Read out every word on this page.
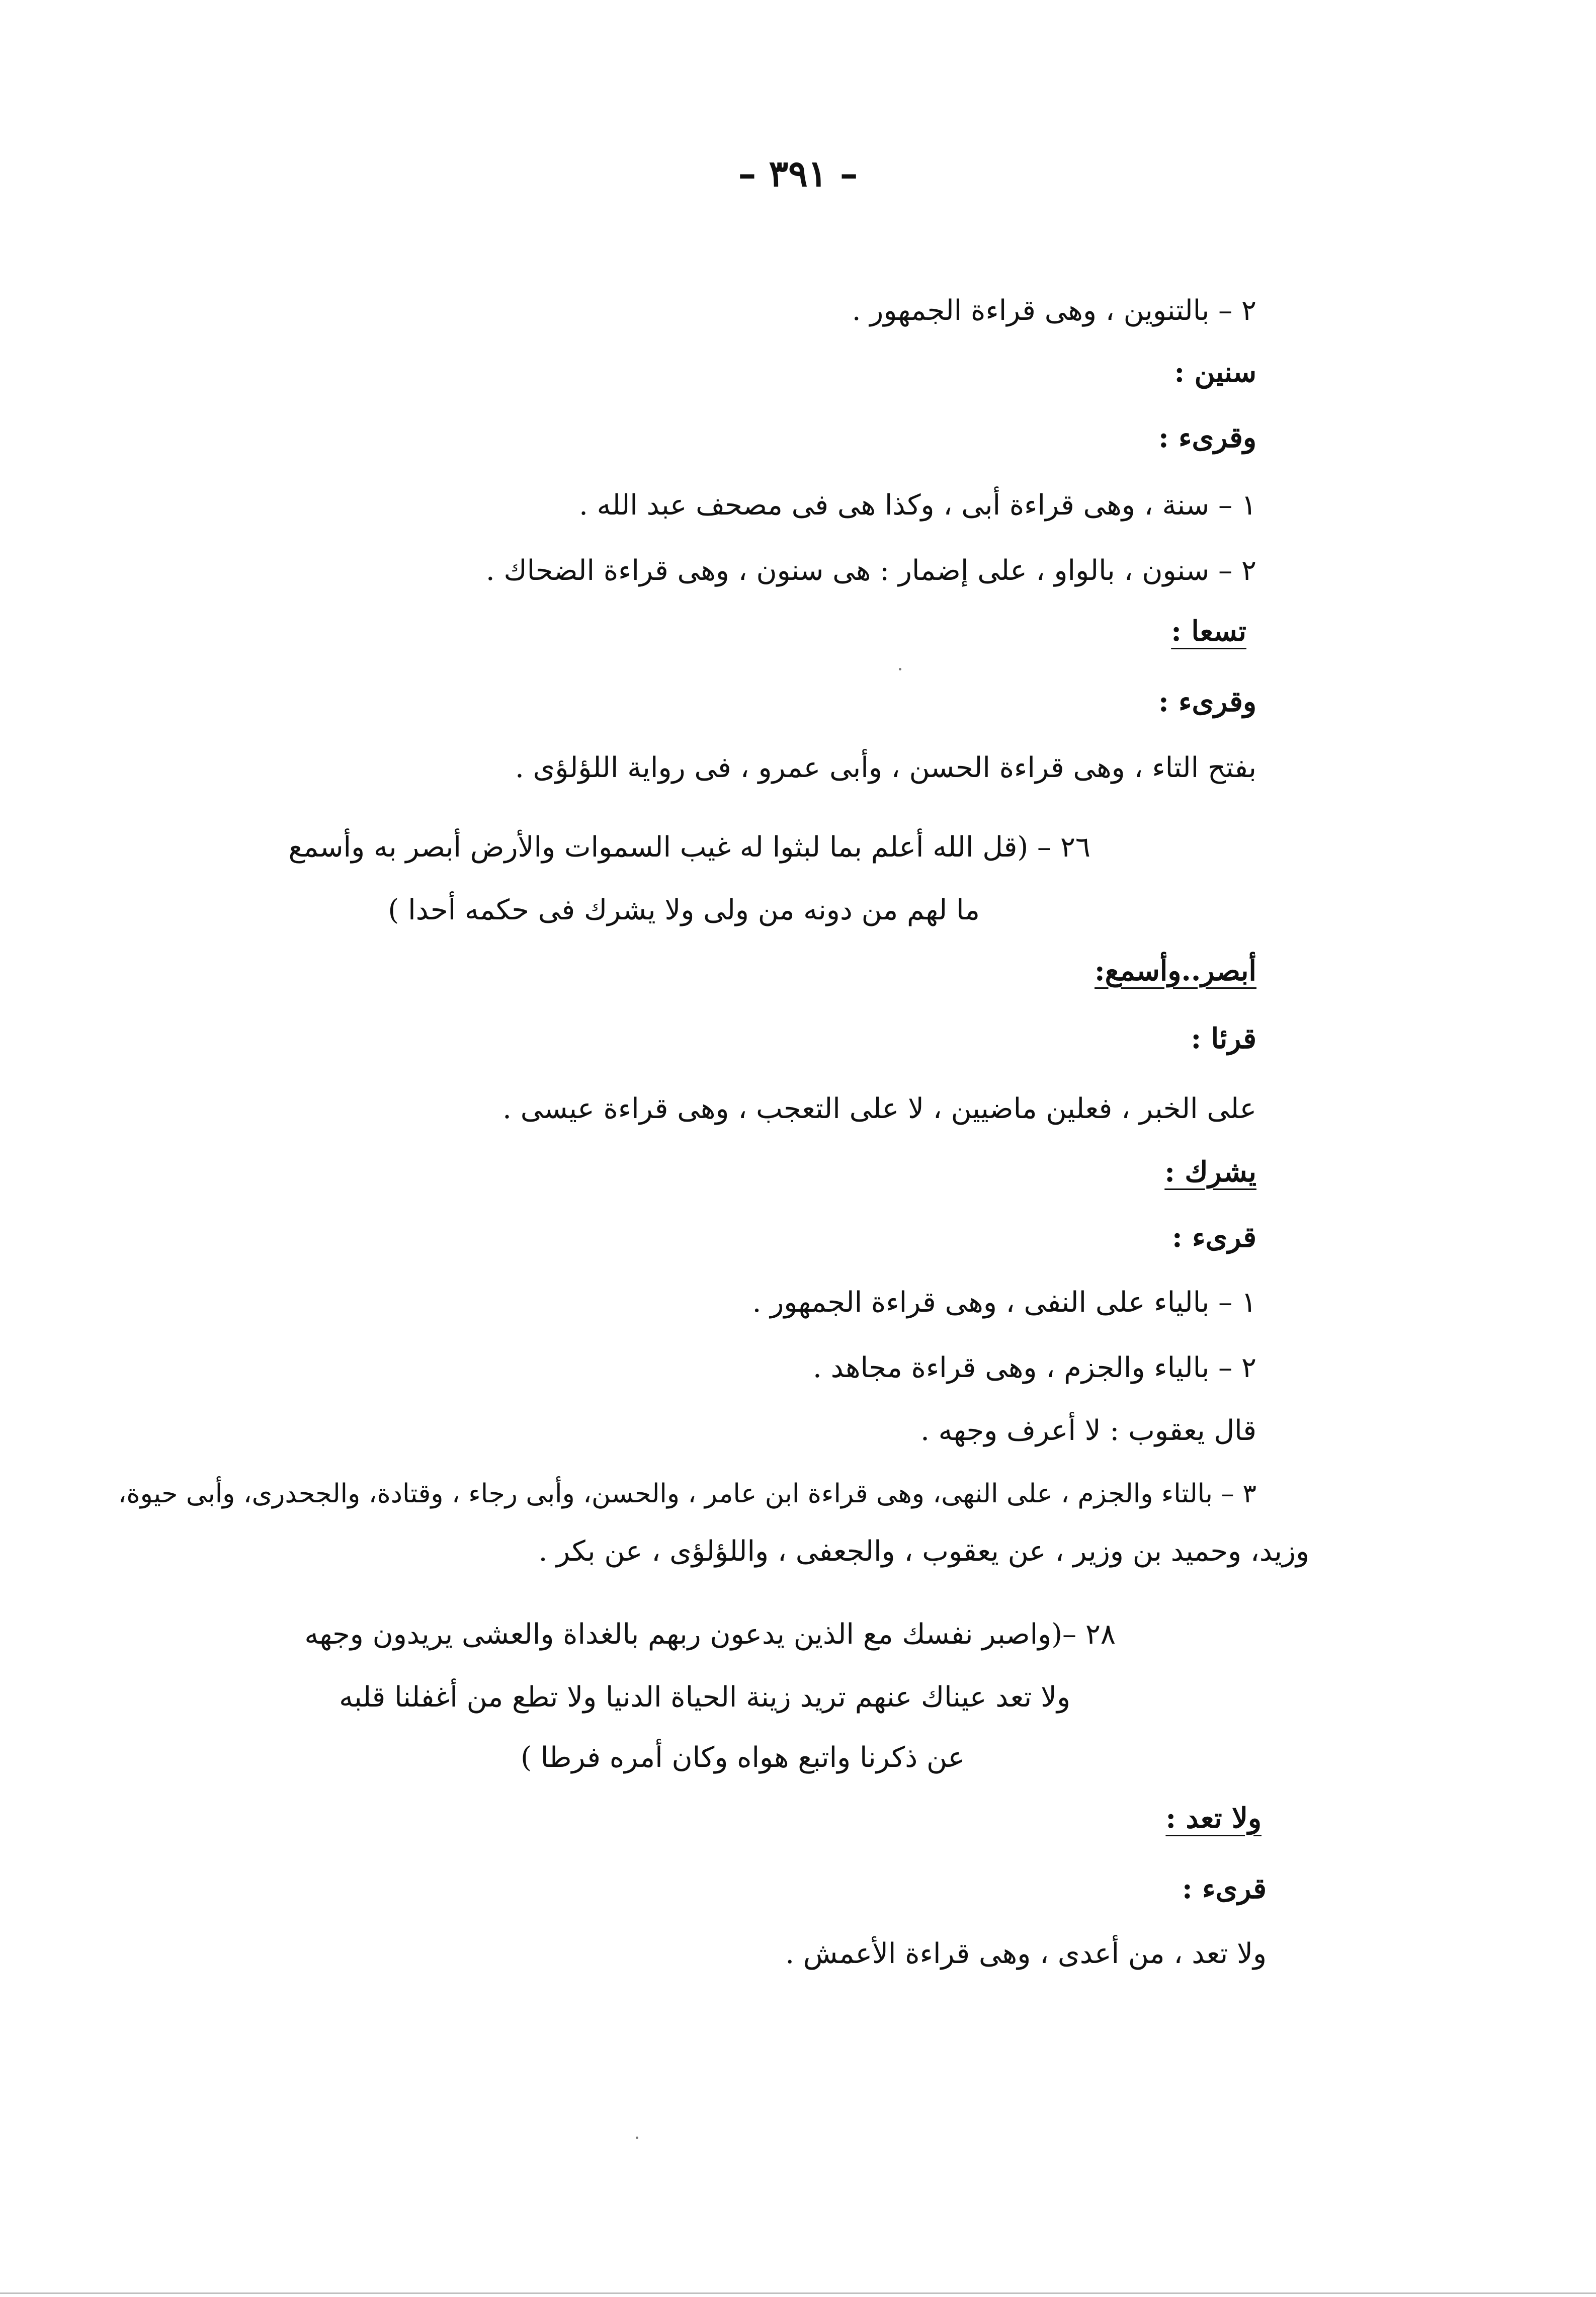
– ٣٩١ –
٢ – بالتنوين ، وهى قراءة الجمهور .
سنين :
وقرىء :
١ – سنة ، وهى قراءة أبى ، وكذا هى فى مصحف عبد الله .
٢ – سنون ، بالواو ، على إضمار : هى سنون ، وهى قراءة الضحاك .
تسعا :
وقرىء :
بفتح التاء ، وهى قراءة الحسن ، وأبى عمرو ، فى رواية اللؤلؤى .
٢٦ – (قل الله أعلم بما لبثوا له غيب السموات والأرض أبصر به وأسمع
ما لهم من دونه من ولى ولا يشرك فى حكمه أحدا )
أبصر..وأسمع:
قرئا :
على الخبر ، فعلين ماضيين ، لا على التعجب ، وهى قراءة عيسى .
يشرك :
قرىء :
١ – بالياء على النفى ، وهى قراءة الجمهور .
٢ – بالياء والجزم ، وهى قراءة مجاهد .
قال يعقوب : لا أعرف وجهه .
٣ – بالتاء والجزم ، على النهى، وهى قراءة ابن عامر ، والحسن، وأبى رجاء ، وقتادة، والجحدرى، وأبى حيوة،
وزيد، وحميد بن وزير ، عن يعقوب ، والجعفى ، واللؤلؤى ، عن بكر .
٢٨ –(واصبر نفسك مع الذين يدعون ربهم بالغداة والعشى يريدون وجهه
ولا تعد عيناك عنهم تريد زينة الحياة الدنيا ولا تطع من أغفلنا قلبه
عن ذكرنا واتبع هواه وكان أمره فرطا )
ولا تعد :
قرىء :
ولا تعد ، من أعدى ، وهى قراءة الأعمش .
